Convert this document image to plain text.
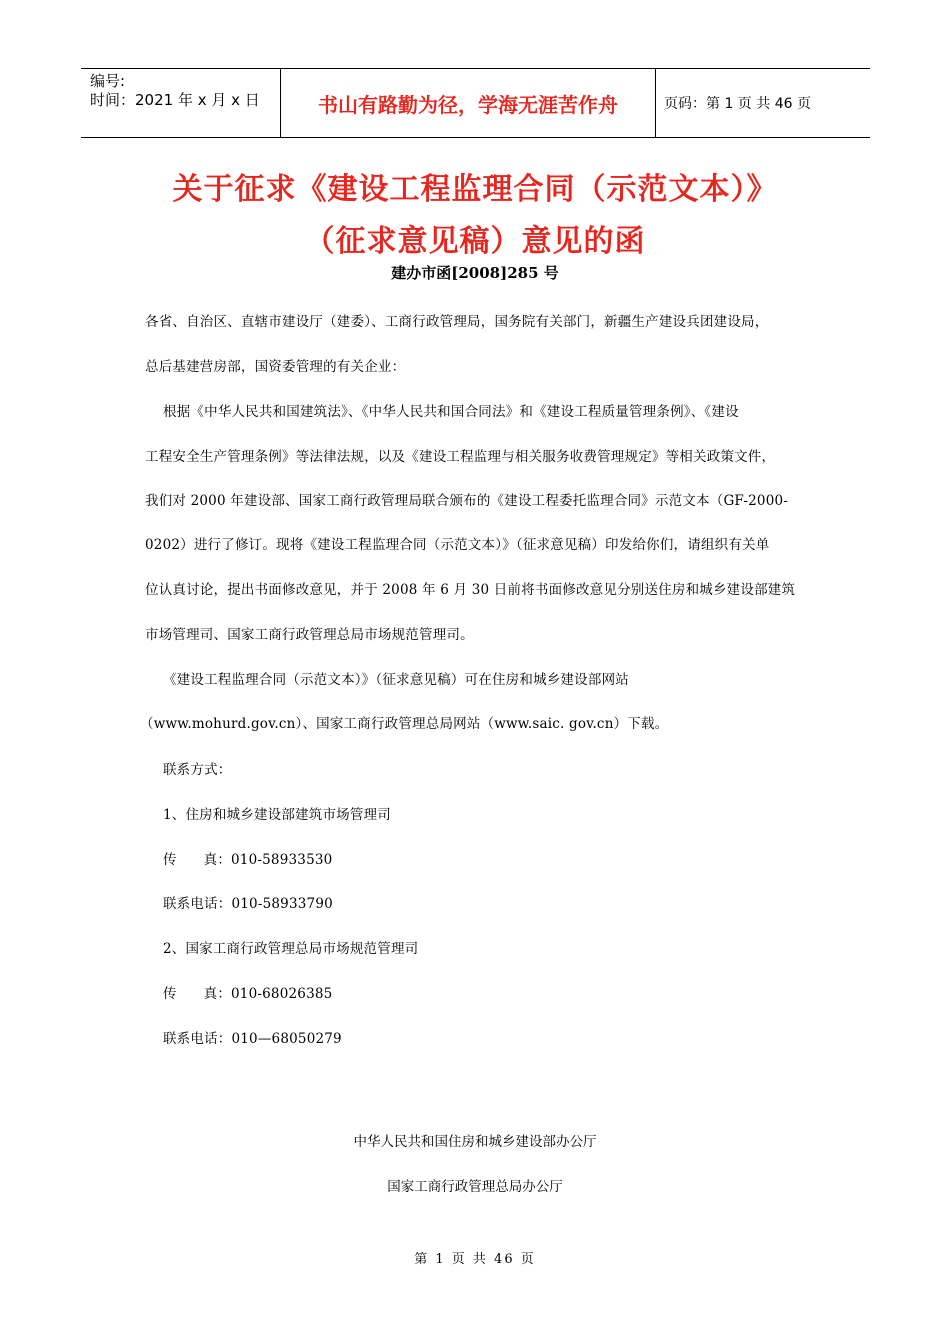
编号:
时间：2021 年 x 月 x 日	书山有路勤为径，学海无涯苦作舟	页码：第 1 页 共 46 页
关于征求《建设工程监理合同（示范文本）》
（征求意见稿）意见的函
建办市函[2008]285 号
各省、自治区、直辖市建设厅（建委）、工商行政管理局，国务院有关部门，新疆生产建设兵团建设局，
总后基建营房部，国资委管理的有关企业：
根据《中华人民共和国建筑法》、《中华人民共和国合同法》和《建设工程质量管理条例》、《建设
工程安全生产管理条例》等法律法规，以及《建设工程监理与相关服务收费管理规定》等相关政策文件，
我们对 2000 年建设部、国家工商行政管理局联合颁布的《建设工程委托监理合同》示范文本（GF-2000-
0202）进行了修订。现将《建设工程监理合同（示范文本）》（征求意见稿）印发给你们，请组织有关单
位认真讨论，提出书面修改意见，并于 2008 年 6 月 30 日前将书面修改意见分别送住房和城乡建设部建筑
市场管理司、国家工商行政管理总局市场规范管理司。
《建设工程监理合同（示范文本）》（征求意见稿）可在住房和城乡建设部网站
（www.mohurd.gov.cn）、国家工商行政管理总局网站（www.saic. gov.cn）下载。
联系方式：
1、住房和城乡建设部建筑市场管理司
传      真：010-58933530
联系电话：010-58933790
2、国家工商行政管理总局市场规范管理司
传      真：010-68026385
联系电话：010—68050279
中华人民共和国住房和城乡建设部办公厅
国家工商行政管理总局办公厅
第 1 页 共 46 页
